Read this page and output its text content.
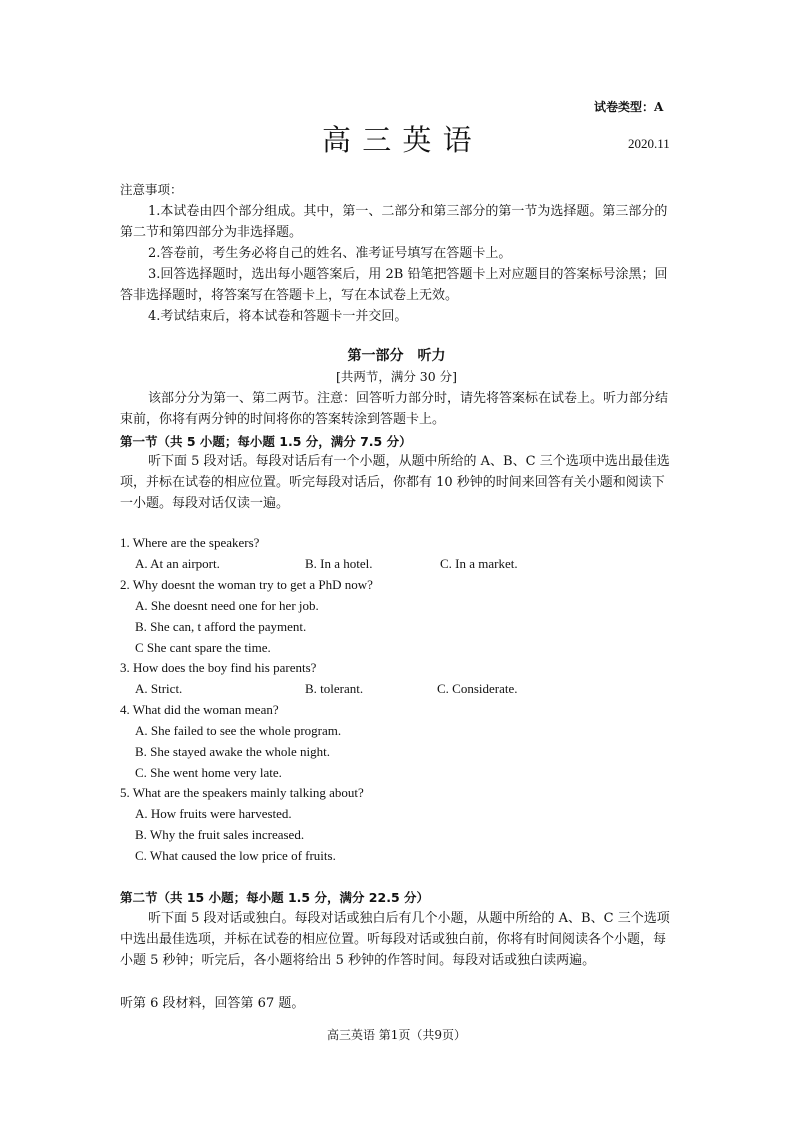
试卷类型：A
高 三 英 语	2020.11
注意事项：
1.本试卷由四个部分组成。其中，第一、二部分和第三部分的第一节为选择题。第三部分的第二节和第四部分为非选择题。
2.答卷前，考生务必将自己的姓名、准考证号填写在答题卡上。
3.回答选择题时，选出每小题答案后，用 2B 铅笔把答题卡上对应题目的答案标号涂黑；回答非选择题时，将答案写在答题卡上，写在本试卷上无效。
4.考试结束后，将本试卷和答题卡一并交回。
第一部分　听力
[共两节，满分 30 分]
该部分分为第一、第二两节。注意：回答听力部分时，请先将答案标在试卷上。听力部分结束前，你将有两分钟的时间将你的答案转涂到答题卡上。
第一节（共 5 小题；每小题 1.5 分，满分 7.5 分）
听下面 5 段对话。每段对话后有一个小题，从题中所给的 A、B、C 三个选项中选出最佳选项，并标在试卷的相应位置。听完每段对话后，你都有 10 秒钟的时间来回答有关小题和阅读下一小题。每段对话仅读一遍。
1. Where are the speakers?
A. At an airport.	B. In a hotel.	C. In a market.
2. Why doesnt the woman try to get a PhD now?
A. She doesnt need one for her job.
B. She can, t afford the payment.
C She cant spare the time.
3. How does the boy find his parents?
A. Strict.	B. tolerant.	C. Considerate.
4. What did the woman mean?
A. She failed to see the whole program.
B. She stayed awake the whole night.
C. She went home very late.
5. What are the speakers mainly talking about?
A. How fruits were harvested.
B. Why the fruit sales increased.
C. What caused the low price of fruits.
第二节（共 15 小题；每小题 1.5 分，满分 22.5 分）
听下面 5 段对话或独白。每段对话或独白后有几个小题，从题中所给的 A、B、C 三个选项中选出最佳选项，并标在试卷的相应位置。听每段对话或独白前，你将有时间阅读各个小题，每小题 5 秒钟；听完后，各小题将给出 5 秒钟的作答时间。每段对话或独白读两遍。
听第 6 段材料，回答第 67 题。
高三英语 第1页（共9页）
